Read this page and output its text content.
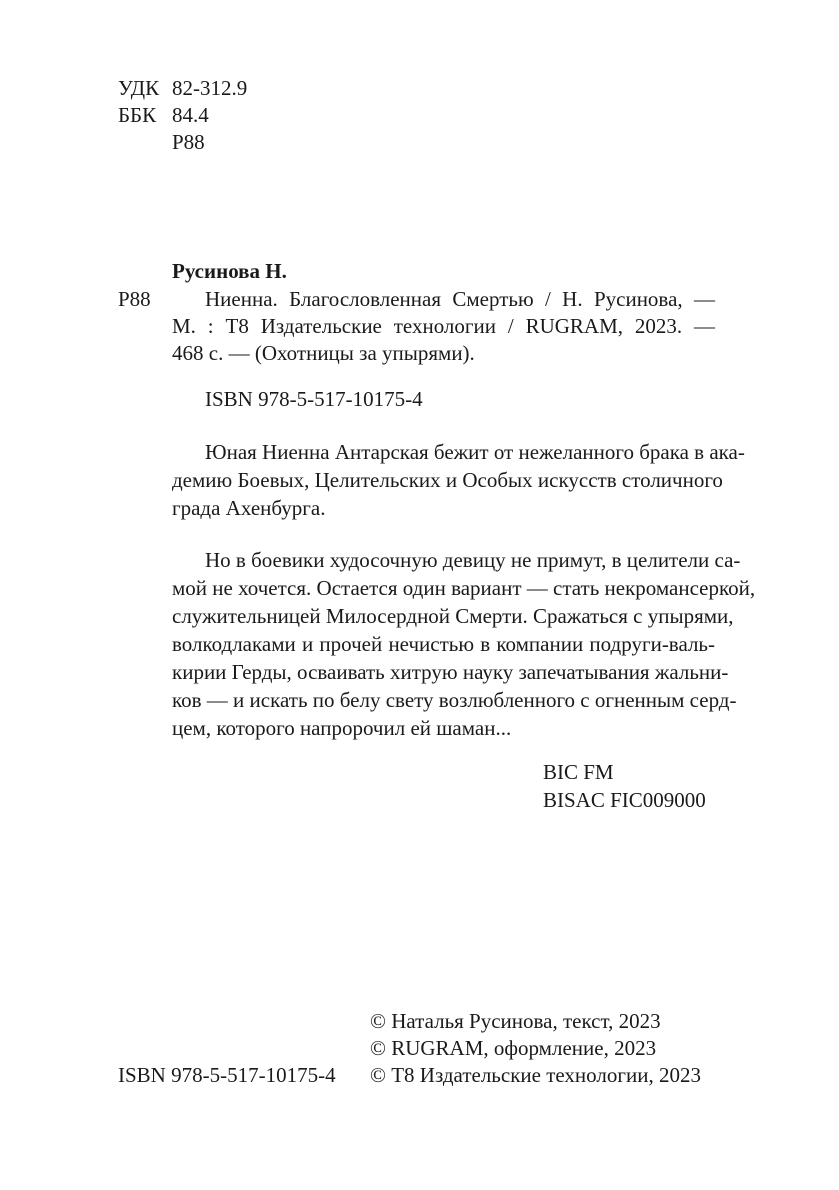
УДК 82-312.9
ББК 84.4
Р88
Русинова Н.
Р88	Ниенна. Благословленная Смертью / Н. Русинова, —
М. : Т8 Издательские технологии / RUGRAM, 2023. —
468 с. — (Охотницы за упырями).
ISBN 978-5-517-10175-4
Юная Ниенна Антарская бежит от нежеланного брака в ака-
демию Боевых, Целительских и Особых искусств столичного
града Ахенбурга.
Но в боевики худосочную девицу не примут, в целители са-
мой не хочется. Остается один вариант — стать некромансеркой,
служительницей Милосердной Смерти. Сражаться с упырями,
волкодлаками и прочей нечистью в компании подруги-валь-
кирии Герды, осваивать хитрую науку запечатывания жальни-
ков — и искать по белу свету возлюбленного с огненным серд-
цем, которого напророчил ей шаман...
BIC FM
BISAC FIC009000
© Наталья Русинова, текст, 2023
© RUGRAM, оформление, 2023
ISBN 978-5-517-10175-4 © Т8 Издательские технологии, 2023
